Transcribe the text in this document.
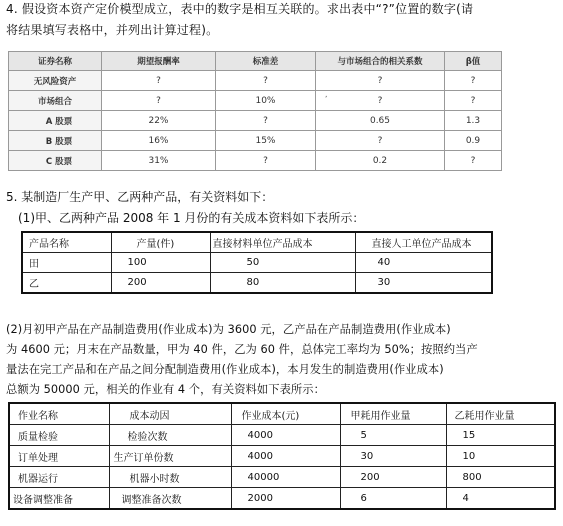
4. 假设资本资产定价模型成立，表中的数字是相互关联的。求出表中“?”位置的数字(请
将结果填写表格中，并列出计算过程)。
证券名称	期望报酬率	标准差	与市场组合的相关系数	β值
无风险资产	?	?	?	?
市场组合	?	10%	?	?
A 股票	22%	?	0.65	1.3
B 股票	16%	15%	?	0.9
C 股票	31%	?	0.2	?
ʼ
5. 某制造厂生产甲、乙两种产品，有关资料如下：
(1)甲、乙两种产品 2008 年 1 月份的有关成本资料如下表所示：
产品名称	产量(件)	直接材料单位产品成本	直接人工单位产品成本
田	100	50	40
乙	200	80	30
(2)月初甲产品在产品制造费用(作业成本)为 3600 元，乙产品在产品制造费用(作业成本)
为 4600 元；月末在产品数量，甲为 40 件，乙为 60 件，总体完工率均为 50%；按照约当产
量法在完工产品和在产品之间分配制造费用(作业成本)，本月发生的制造费用(作业成本)
总额为 50000 元，相关的作业有 4 个，有关资料如下表所示：
作业名称	成本动因	作业成本(元)	甲耗用作业量	乙耗用作业量
质量检验	检验次数	4000	5	15
订单处理	生产订单份数	4000	30	10
机器运行	机器小时数	40000	200	800
设备调整准备	调整准备次数	2000	6	4
